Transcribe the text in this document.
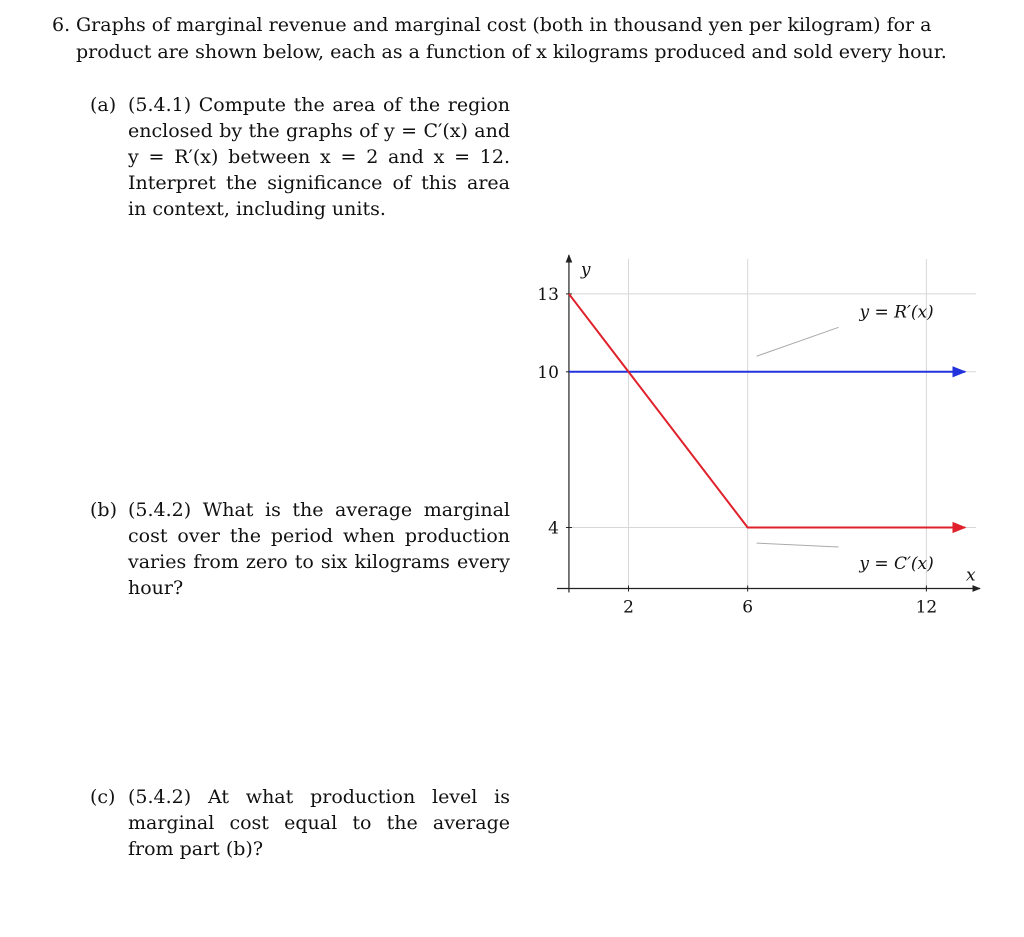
6. Graphs of marginal revenue and marginal cost (both in thousand yen per kilogram) for a product are shown below, each as a function of x kilograms produced and sold every hour.
(a) (5.4.1) Compute the area of the region enclosed by the graphs of y = C′(x) and y = R′(x) between x = 2 and x = 12. Interpret the significance of this area in context, including units.
(b) (5.4.2) What is the average marginal cost over the period when production varies from zero to six kilograms every hour?
(c) (5.4.2) At what production level is marginal cost equal to the average from part (b)?
2	6	12
13
10
4
y
x
y = R′(x)
y = C′(x)
